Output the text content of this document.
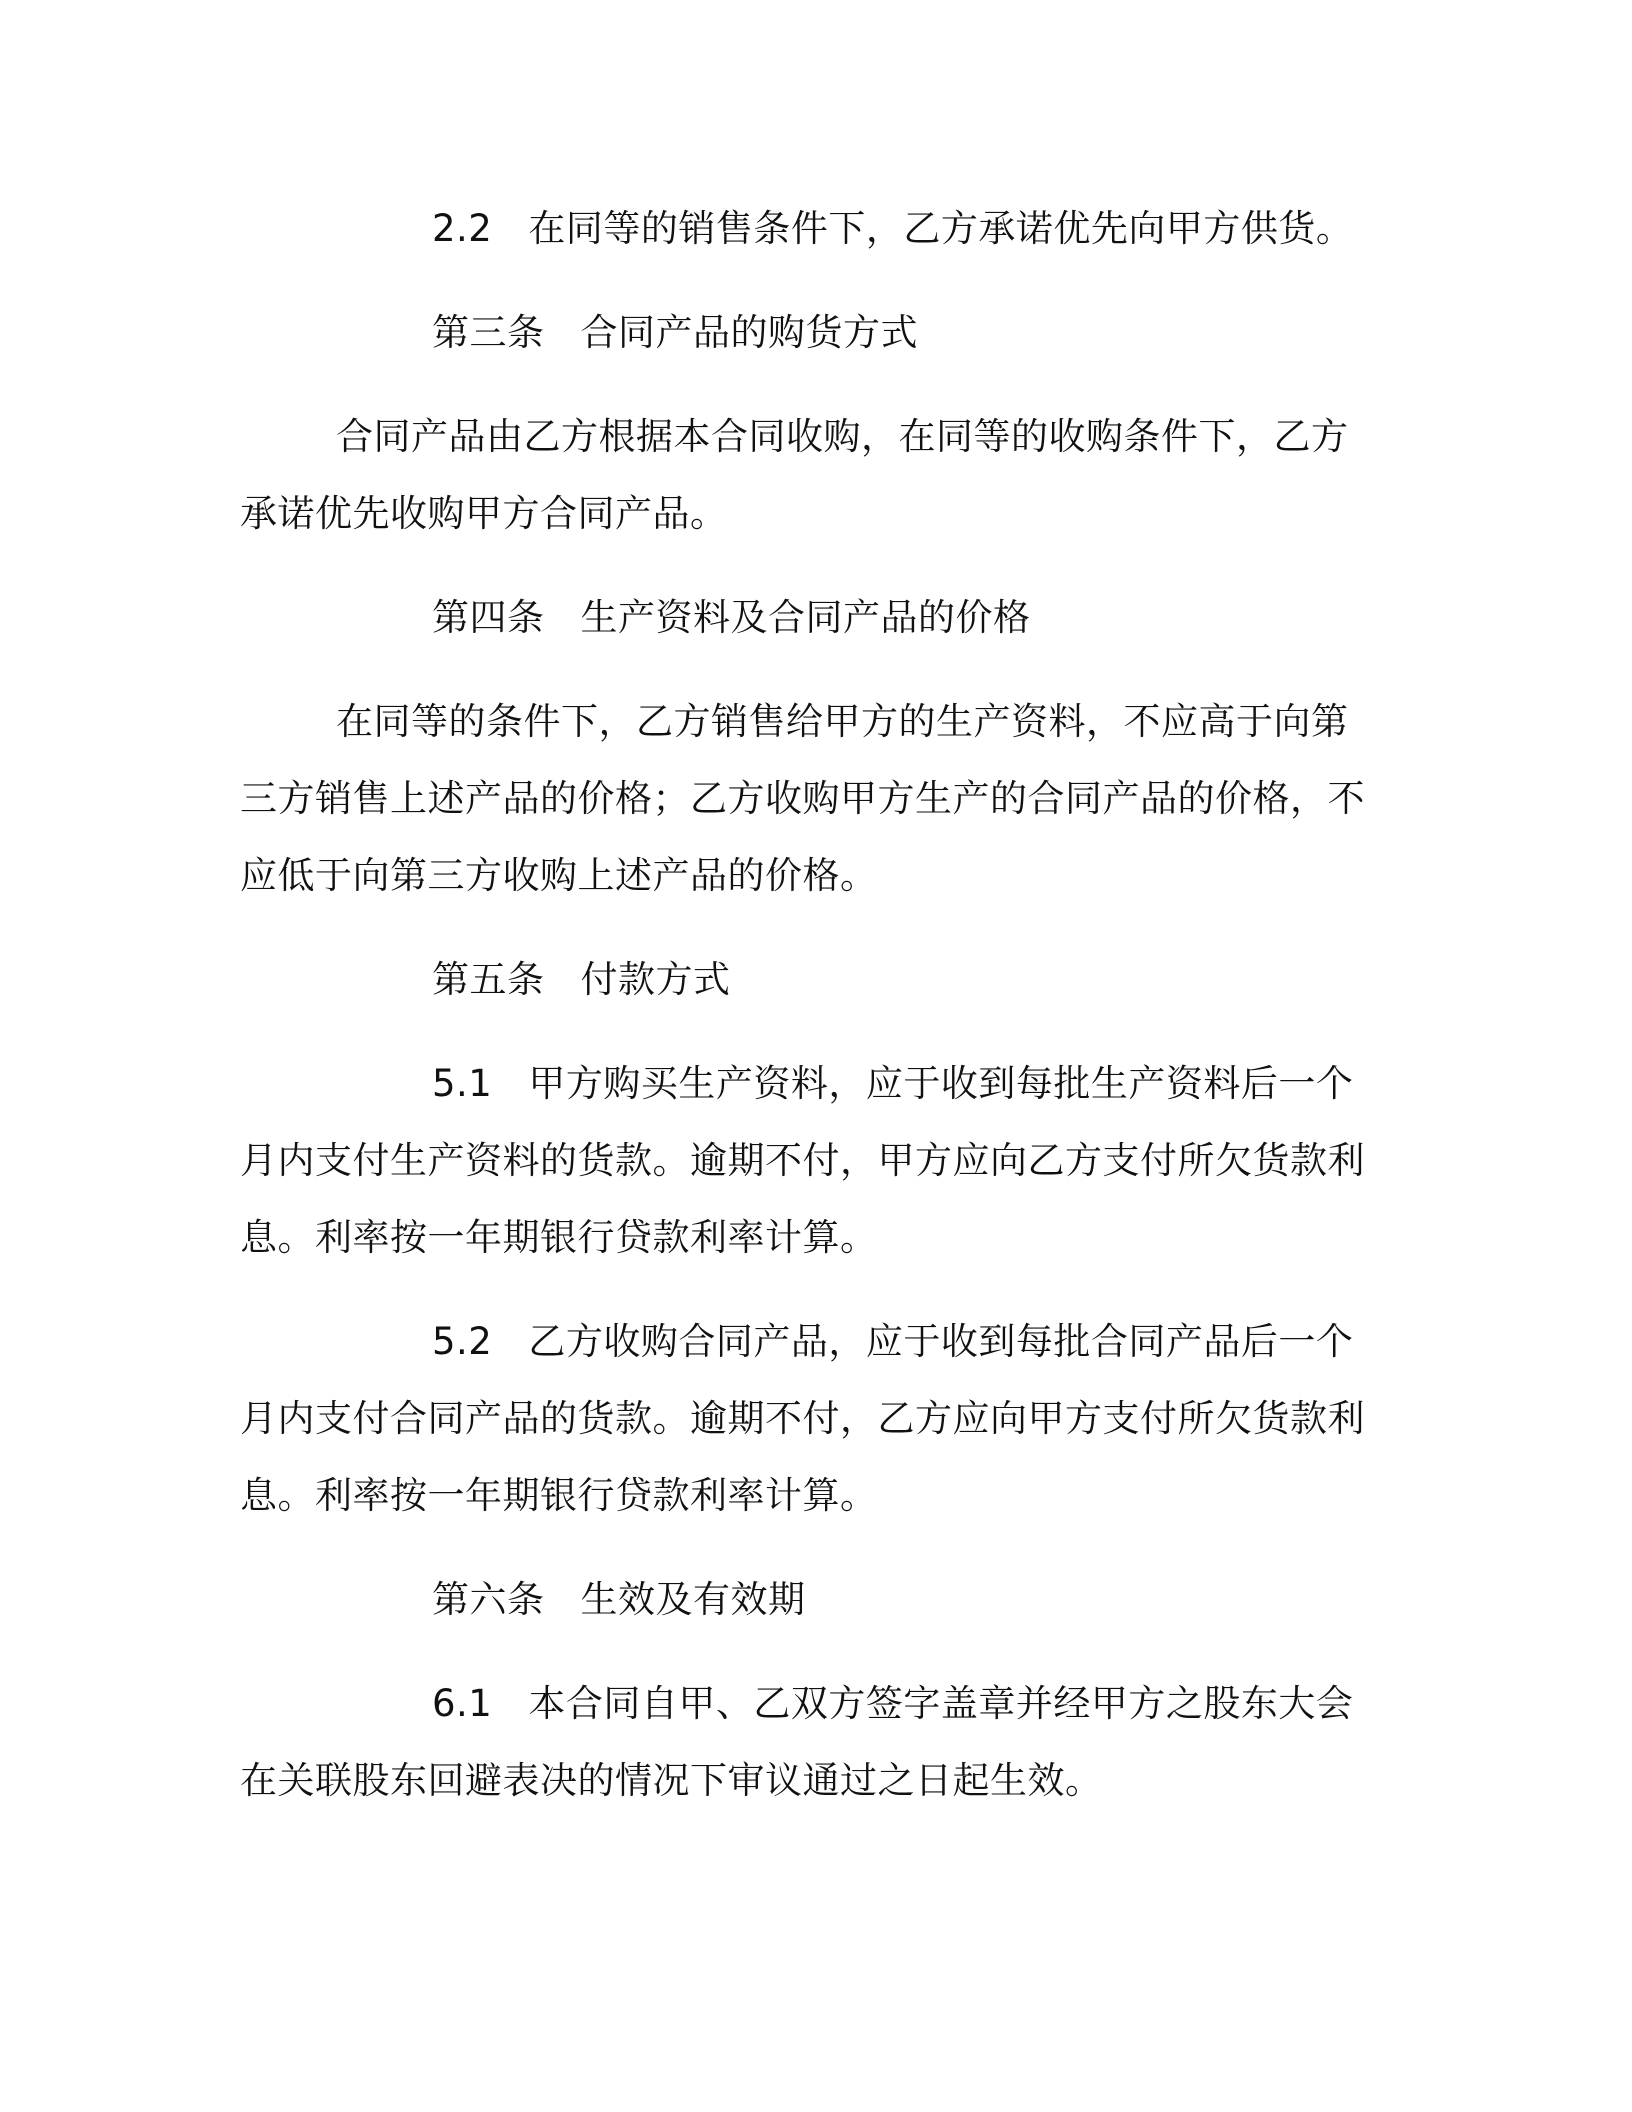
2.2 在同等的销售条件下，乙方承诺优先向甲方供货。

第三条 合同产品的购货方式

合同产品由乙方根据本合同收购，在同等的收购条件下，乙方承诺优先收购甲方合同产品。

第四条 生产资料及合同产品的价格

在同等的条件下，乙方销售给甲方的生产资料，不应高于向第三方销售上述产品的价格；乙方收购甲方生产的合同产品的价格，不应低于向第三方收购上述产品的价格。

第五条 付款方式

5.1 甲方购买生产资料，应于收到每批生产资料后一个月内支付生产资料的货款。逾期不付，甲方应向乙方支付所欠货款利息。利率按一年期银行贷款利率计算。

5.2 乙方收购合同产品，应于收到每批合同产品后一个月内支付合同产品的货款。逾期不付，乙方应向甲方支付所欠货款利息。利率按一年期银行贷款利率计算。

第六条 生效及有效期

6.1 本合同自甲、乙双方签字盖章并经甲方之股东大会在关联股东回避表决的情况下审议通过之日起生效。
